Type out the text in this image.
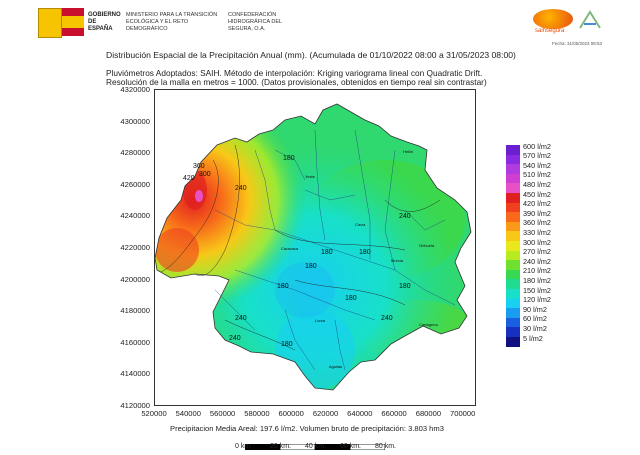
GOBIERNO DE ESPAÑA
MINISTERIO PARA LA TRANSICIÓN ECOLÓGICA Y EL RETO DEMOGRÁFICO
CONFEDERACIÓN HIDROGRÁFICA DEL SEGURA, O.A.	saihsegura
Fecha: 31/05/2023 08:53
Distribución Espacial de la Precipitación Anual (mm). (Acumulada de 01/10/2022 08:00 a 31/05/2023 08:00)
Pluviómetros Adoptados: SAIH. Método de interpolación: Kriging variograma lineal con Quadratic Drift.
Resolución de la malla en metros = 1000. (Datos provisionales, obtenidos en tiempo real sin contrastar)
4320000
4300000
4280000
4260000
4240000
4220000
4200000
4180000
4160000
4140000
4120000
520000	540000	560000	580000	600000	620000	640000	660000	680000	700000
420
360
300
240
180
180
180
180
240
180
240
180
240
180
180
240
Yeste
Hellín
Cieza
Caravaca
Orihuela
Murcia
Lorca
Cartagena
Aguilas
600 l/m2
570 l/m2
540 l/m2
510 l/m2
480 l/m2
450 l/m2
420 l/m2
390 l/m2
360 l/m2
330 l/m2
300 l/m2
270 l/m2
240 l/m2
210 l/m2
180 l/m2
150 l/m2
120 l/m2
90 l/m2
60 l/m2
30 l/m2
5 l/m2
Precipitacion Media Areal: 197.6 l/m2. Volumen bruto de precipitación: 3.803 hm3
0 km.	20 km. 40 km. 60 km. 80 km.
